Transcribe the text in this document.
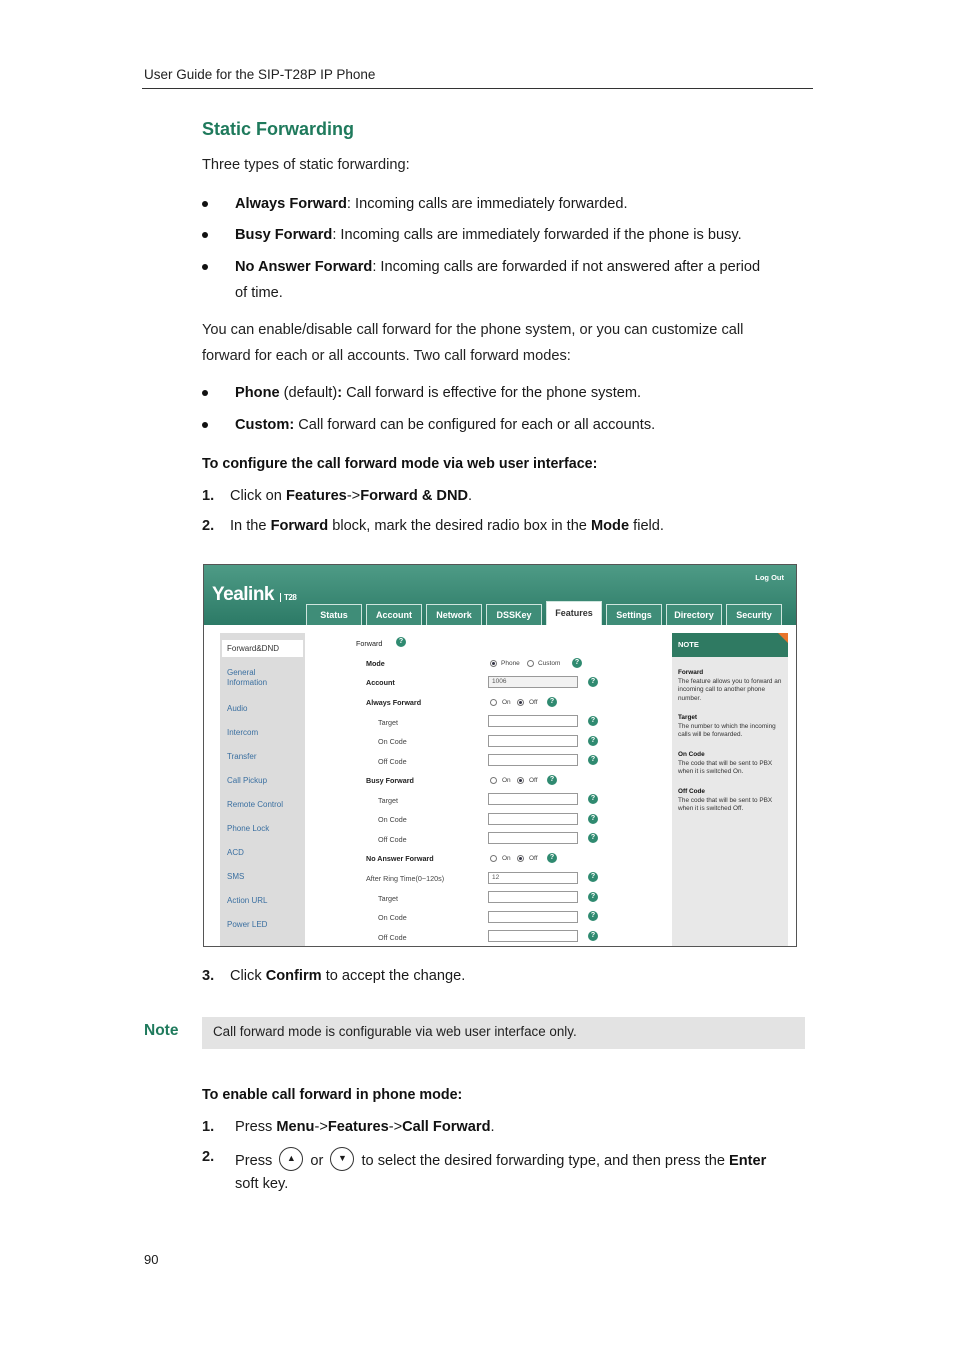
User Guide for the SIP-T28P IP Phone
Static Forwarding
Three types of static forwarding:
Always Forward: Incoming calls are immediately forwarded.
Busy Forward: Incoming calls are immediately forwarded if the phone is busy.
No Answer Forward: Incoming calls are forwarded if not answered after a period
of time.
You can enable/disable call forward for the phone system, or you can customize call
forward for each or all accounts. Two call forward modes:
Phone (default): Call forward is effective for the phone system.
Custom: Call forward can be configured for each or all accounts.
To configure the call forward mode via web user interface:
1. Click on Features->Forward & DND.
2. In the Forward block, mark the desired radio box in the Mode field.
Yealink T28
Log Out
Status	Account	Network	DSSKey	Features	Settings	Directory	Security
Forward&DND
General Information
Audio
Intercom
Transfer
Call Pickup
Remote Control
Phone Lock
ACD
SMS
Action URL
Power LED
Forward	?
Mode	Phone	Custom	?
Account	1006	?
Always Forward	On	Off	?
Target	?
On Code	?
Off Code	?
Busy Forward	On	Off	?
Target	?
On Code	?
Off Code	?
No Answer Forward	On	Off	?
After Ring Time(0~120s)	12	?
Target	?
On Code	?
Off Code	?
NOTE
Forward
The feature allows you to forward an incoming call to another phone number.
Target
The number to which the incoming calls will be forwarded.
On Code
The code that will be sent to PBX when it is switched On.
Off Code
The code that will be sent to PBX when it is switched Off.
3. Click Confirm to accept the change.
Note	Call forward mode is configurable via web user interface only.
To enable call forward in phone mode:
1. Press Menu->Features->Call Forward.
2. Press	▲ or	▼ to select the desired forwarding type, and then press the Enter
soft key.
90
